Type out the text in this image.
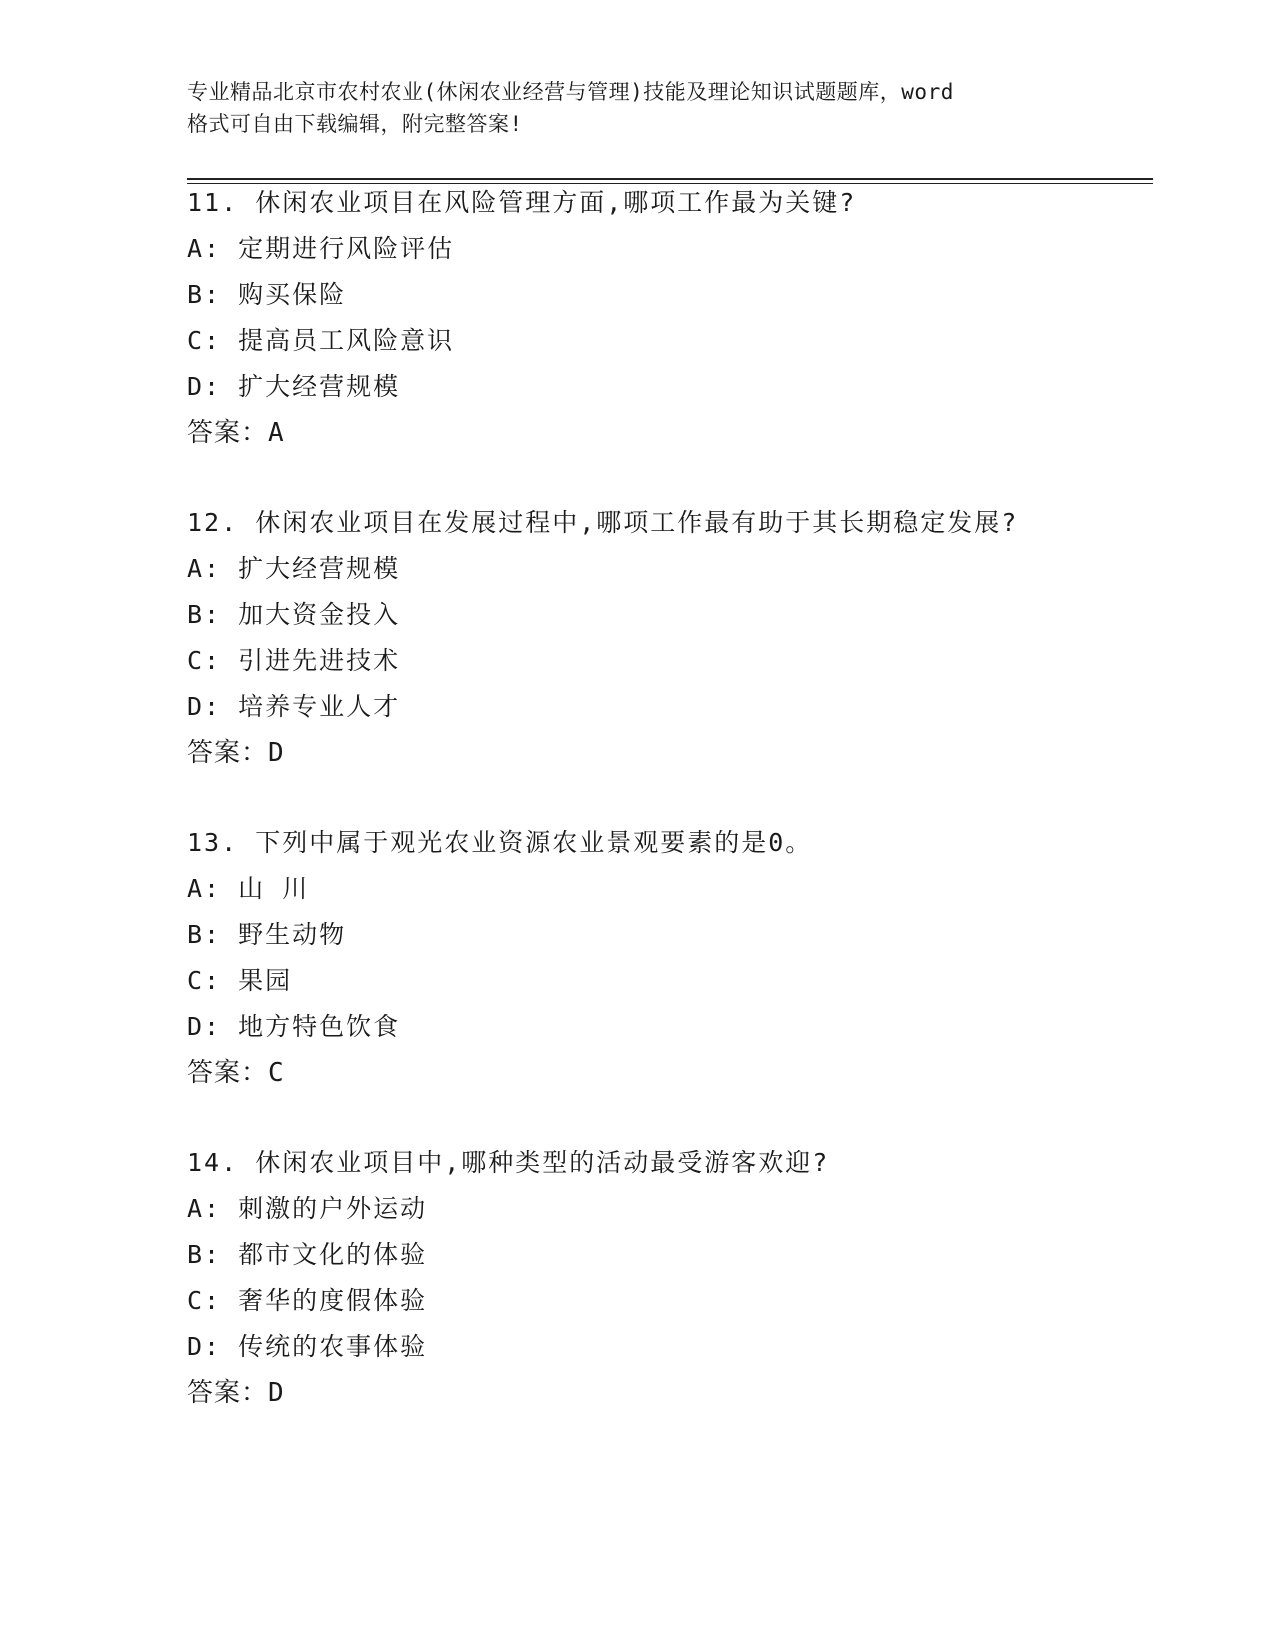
专业精品北京市农村农业(休闲农业经营与管理)技能及理论知识试题题库，word
格式可自由下载编辑，附完整答案!
11. 休闲农业项目在风险管理方面,哪项工作最为关键?
A: 定期进行风险评估
B: 购买保险
C: 提高员工风险意识
D: 扩大经营规模
答案：A
12. 休闲农业项目在发展过程中,哪项工作最有助于其长期稳定发展?
A: 扩大经营规模
B: 加大资金投入
C: 引进先进技术
D: 培养专业人才
答案：D
13. 下列中属于观光农业资源农业景观要素的是0。
A: 山 川
B: 野生动物
C: 果园
D: 地方特色饮食
答案：C
14. 休闲农业项目中,哪种类型的活动最受游客欢迎?
A: 刺激的户外运动
B: 都市文化的体验
C: 奢华的度假体验
D: 传统的农事体验
答案：D
